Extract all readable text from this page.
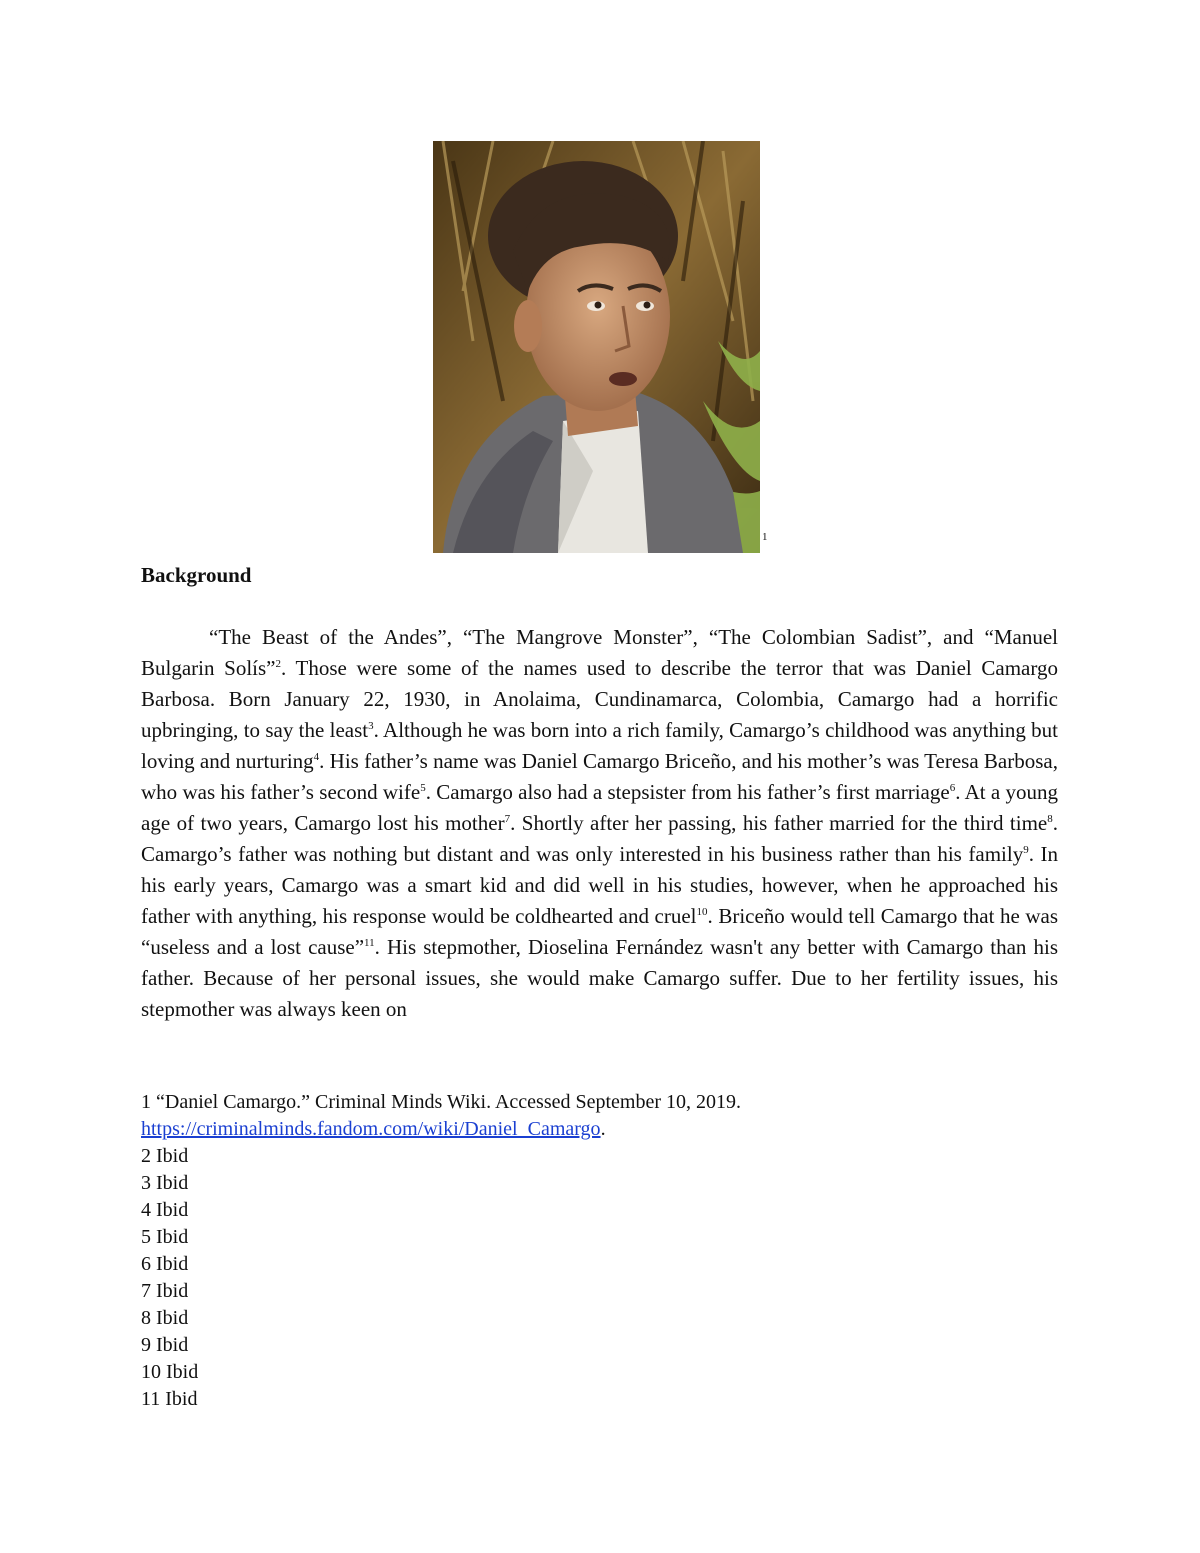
1
Background

“The Beast of the Andes”, “The Mangrove Monster”, “The Colombian Sadist”, and “Manuel Bulgarin Solís”$^2$. Those were some of the names used to describe the terror that was Daniel Camargo Barbosa. Born January 22, 1930, in Anolaima, Cundinamarca, Colombia, Camargo had a horrific upbringing, to say the least$^3$. Although he was born into a rich family, Camargo’s childhood was anything but loving and nurturing$^4$. His father’s name was Daniel Camargo Briceño, and his mother’s was Teresa Barbosa, who was his father’s second wife$^5$. Camargo also had a stepsister from his father’s first marriage$^6$. At a young age of two years, Camargo lost his mother$^7$. Shortly after her passing, his father married for the third time$^8$. Camargo’s father was nothing but distant and was only interested in his business rather than his family$^9$. In his early years, Camargo was a smart kid and did well in his studies, however, when he approached his father with anything, his response would be coldhearted and cruel$^{10}$. Briceño would tell Camargo that he was “useless and a lost cause”$^{11}$. His stepmother, Dioselina Fernández wasn't any better with Camargo than his father. Because of her personal issues, she would make Camargo suffer. Due to her fertility issues, his stepmother was always keen on

1 “Daniel Camargo.” Criminal Minds Wiki. Accessed September 10, 2019.
https://criminalminds.fandom.com/wiki/Daniel_Camargo.
2 Ibid
3 Ibid
4 Ibid
5 Ibid
6 Ibid
7 Ibid
8 Ibid
9 Ibid
10 Ibid
11 Ibid
